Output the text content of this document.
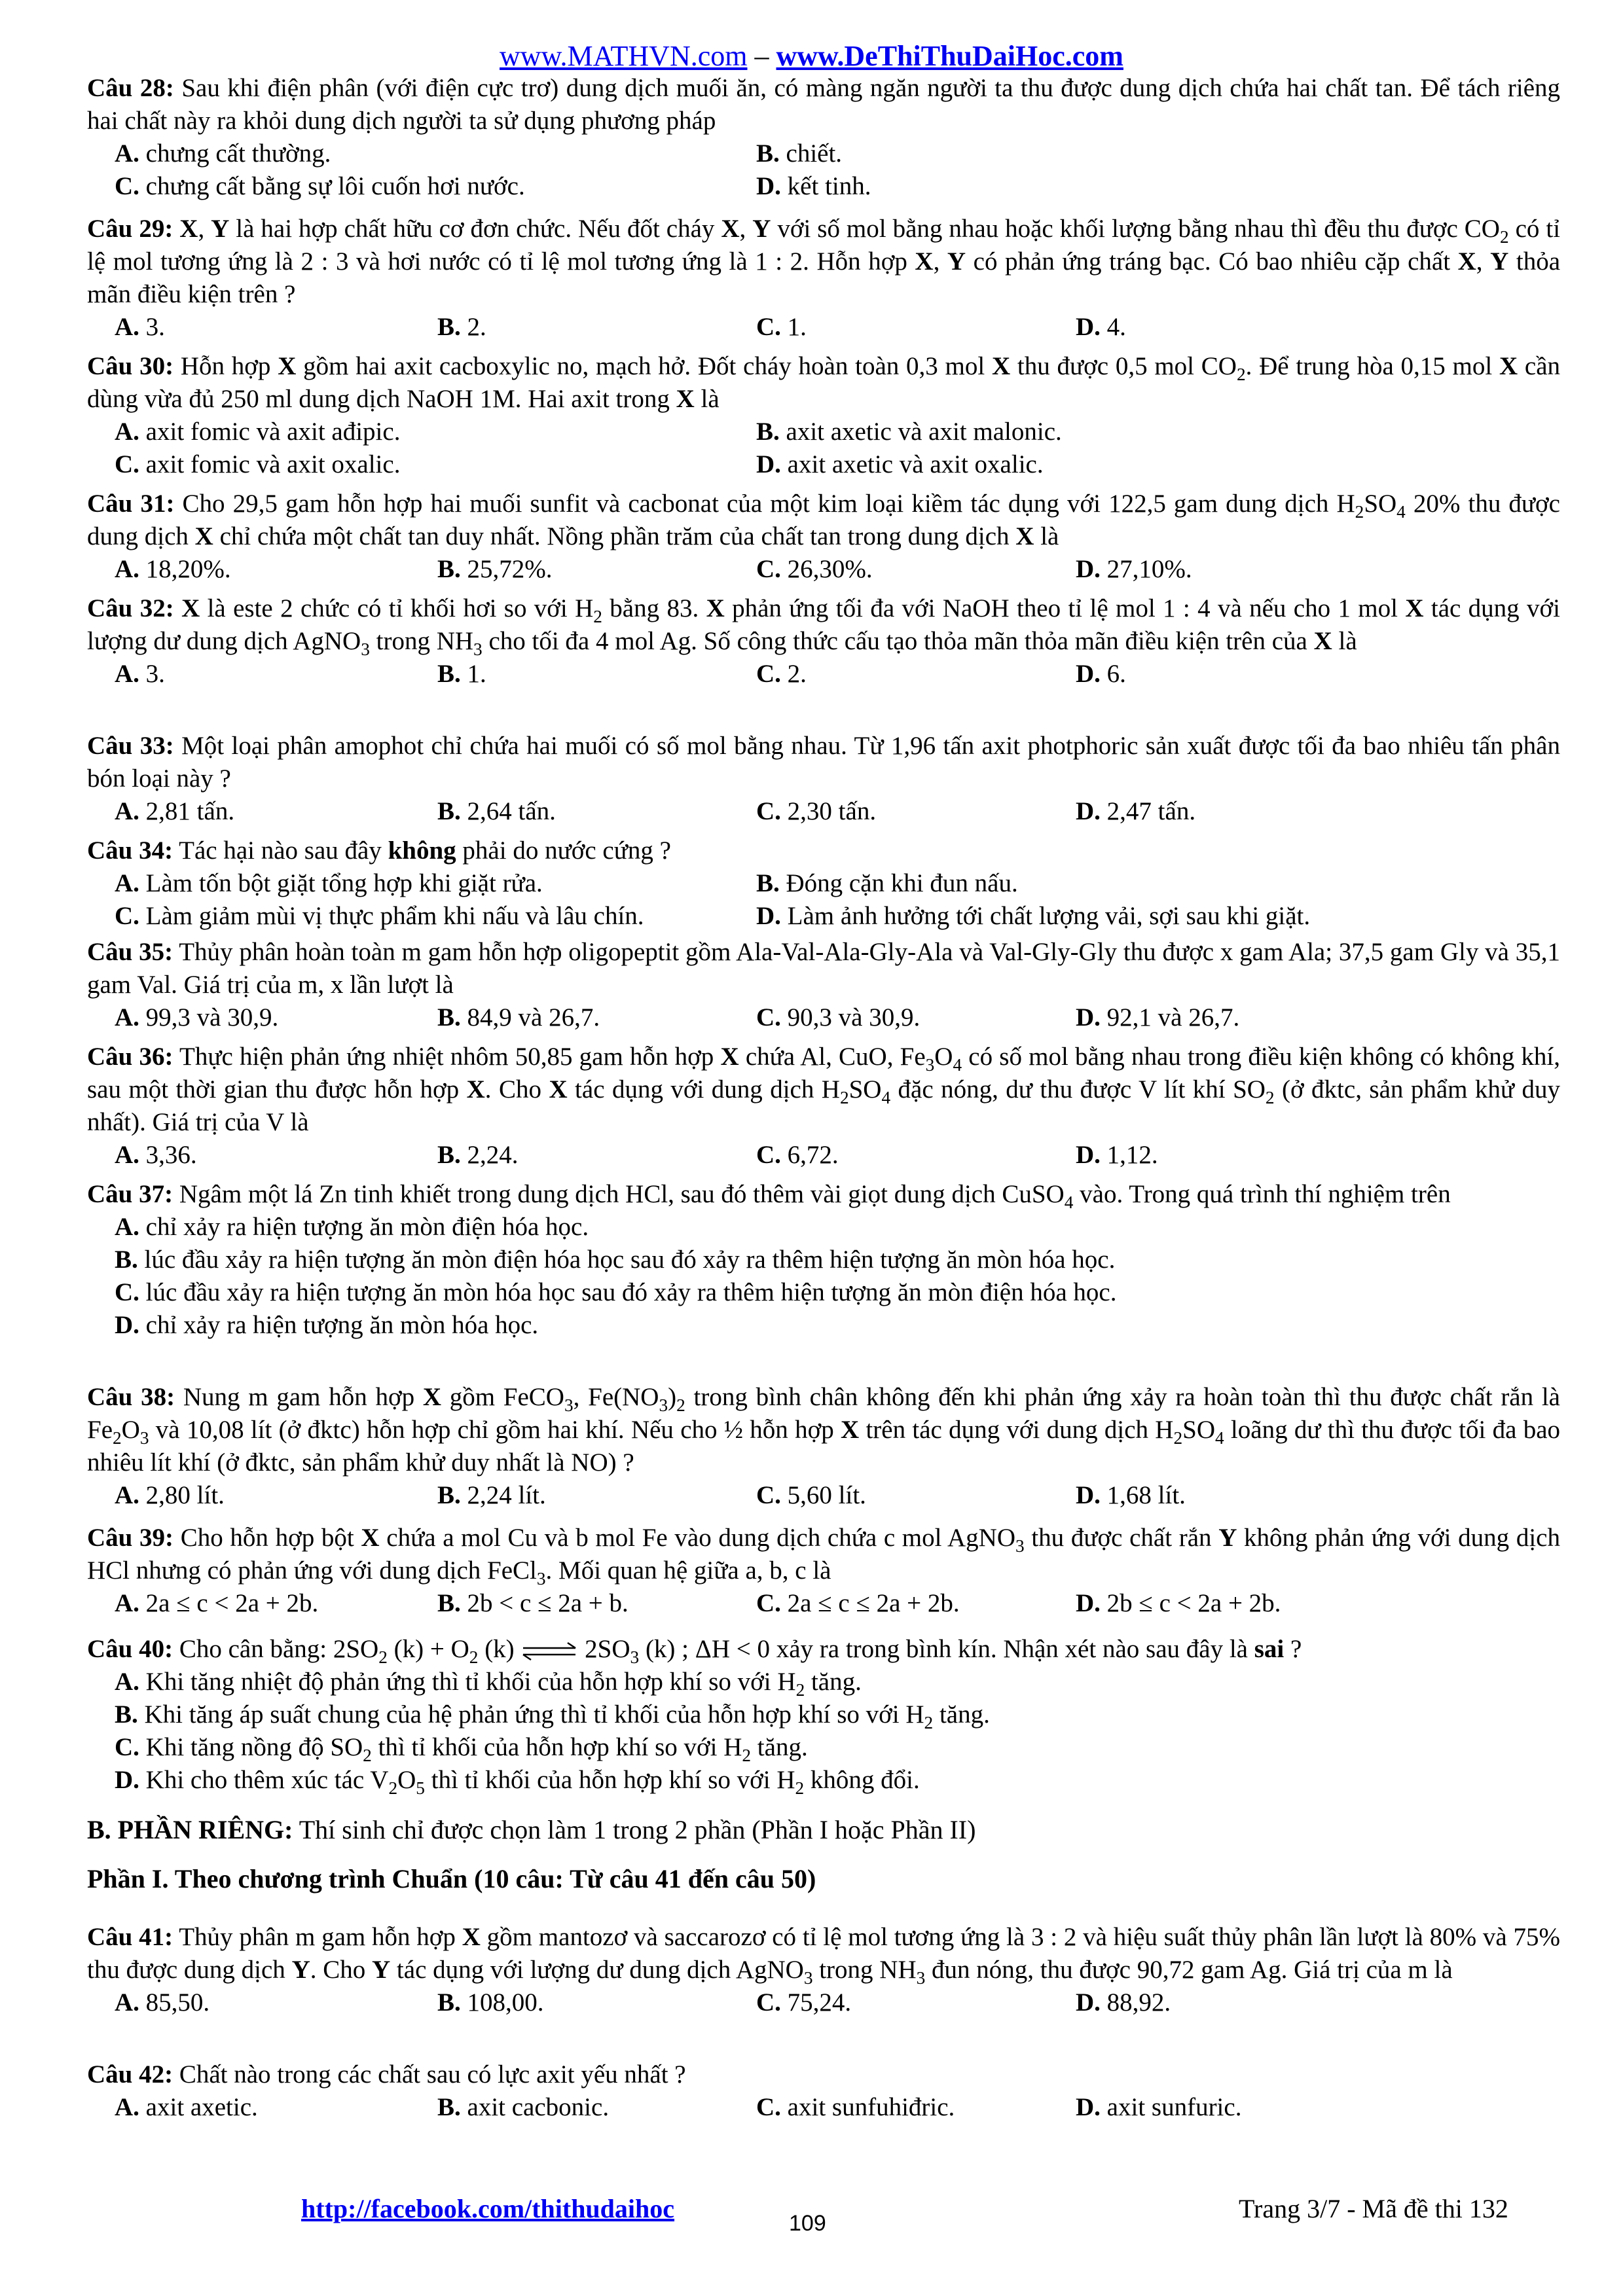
www.MATHVN.com – www.DeThiThuDaiHoc.com

Câu 28: Sau khi điện phân (với điện cực trơ) dung dịch muối ăn, có màng ngăn người ta thu được dung dịch chứa hai chất tan. Để tách riêng hai chất này ra khỏi dung dịch người ta sử dụng phương pháp

A. chưng cất thường.	B. chiết.
C. chưng cất bằng sự lôi cuốn hơi nước.	D. kết tinh.

Câu 29: X, Y là hai hợp chất hữu cơ đơn chức. Nếu đốt cháy X, Y với số mol bằng nhau hoặc khối lượng bằng nhau thì đều thu được $CO_2$ có tỉ lệ mol tương ứng là 2 : 3 và hơi nước có tỉ lệ mol tương ứng là 1 : 2. Hỗn hợp X, Y có phản ứng tráng bạc. Có bao nhiêu cặp chất X, Y thỏa mãn điều kiện trên ?

A. 3.	B. 2.	C. 1.	D. 4.

Câu 30: Hỗn hợp X gồm hai axit cacboxylic no, mạch hở. Đốt cháy hoàn toàn 0,3 mol X thu được 0,5 mol $CO_2$. Để trung hòa 0,15 mol X cần dùng vừa đủ 250 ml dung dịch NaOH 1M. Hai axit trong X là

A. axit fomic và axit ađipic.	B. axit axetic và axit malonic.
C. axit fomic và axit oxalic.	D. axit axetic và axit oxalic.

Câu 31: Cho 29,5 gam hỗn hợp hai muối sunfit và cacbonat của một kim loại kiềm tác dụng với 122,5 gam dung dịch $H_2SO_4$ 20% thu được dung dịch X chỉ chứa một chất tan duy nhất. Nồng phần trăm của chất tan trong dung dịch X là

A. 18,20%.	B. 25,72%.	C. 26,30%.	D. 27,10%.

Câu 32: X là este 2 chức có tỉ khối hơi so với $H_2$ bằng 83. X phản ứng tối đa với NaOH theo tỉ lệ mol 1 : 4 và nếu cho 1 mol X tác dụng với lượng dư dung dịch AgNO$_3$ trong $NH_3$ cho tối đa 4 mol Ag. Số công thức cấu tạo thỏa mãn thỏa mãn điều kiện trên của X là

A. 3.	B. 1.	C. 2.	D. 6.

Câu 33: Một loại phân amophot chỉ chứa hai muối có số mol bằng nhau. Từ 1,96 tấn axit photphoric sản xuất được tối đa bao nhiêu tấn phân bón loại này ?

A. 2,81 tấn.	B. 2,64 tấn.	C. 2,30 tấn.	D. 2,47 tấn.

Câu 34: Tác hại nào sau đây không phải do nước cứng ?

A. Làm tốn bột giặt tổng hợp khi giặt rửa.	B. Đóng cặn khi đun nấu.
C. Làm giảm mùi vị thực phẩm khi nấu và lâu chín.	D. Làm ảnh hưởng tới chất lượng vải, sợi sau khi giặt.

Câu 35: Thủy phân hoàn toàn m gam hỗn hợp oligopeptit gồm Ala-Val-Ala-Gly-Ala và Val-Gly-Gly thu được x gam Ala; 37,5 gam Gly và 35,1 gam Val. Giá trị của m, x lần lượt là

A. 99,3 và 30,9.	B. 84,9 và 26,7.	C. 90,3 và 30,9.	D. 92,1 và 26,7.

Câu 36: Thực hiện phản ứng nhiệt nhôm 50,85 gam hỗn hợp X chứa Al, CuO, $Fe_3O_4$ có số mol bằng nhau trong điều kiện không có không khí, sau một thời gian thu được hỗn hợp X. Cho X tác dụng với dung dịch $H_2SO_4$ đặc nóng, dư thu được V lít khí $SO_2$ (ở đktc, sản phẩm khử duy nhất). Giá trị của V là

A. 3,36.	B. 2,24.	C. 6,72.	D. 1,12.

Câu 37: Ngâm một lá Zn tinh khiết trong dung dịch HCl, sau đó thêm vài giọt dung dịch CuSO$_4$ vào. Trong quá trình thí nghiệm trên

A. chỉ xảy ra hiện tượng ăn mòn điện hóa học.
B. lúc đầu xảy ra hiện tượng ăn mòn điện hóa học sau đó xảy ra thêm hiện tượng ăn mòn hóa học.
C. lúc đầu xảy ra hiện tượng ăn mòn hóa học sau đó xảy ra thêm hiện tượng ăn mòn điện hóa học.
D. chỉ xảy ra hiện tượng ăn mòn hóa học.

Câu 38: Nung m gam hỗn hợp X gồm FeCO$_3$, $Fe(NO_3)_2$ trong bình chân không đến khi phản ứng xảy ra hoàn toàn thì thu được chất rắn là $Fe_2O_3$ và 10,08 lít (ở đktc) hỗn hợp chỉ gồm hai khí. Nếu cho ½ hỗn hợp X trên tác dụng với dung dịch $H_2SO_4$ loãng dư thì thu được tối đa bao nhiêu lít khí (ở đktc, sản phẩm khử duy nhất là NO) ?

A. 2,80 lít.	B. 2,24 lít.	C. 5,60 lít.	D. 1,68 lít.

Câu 39: Cho hỗn hợp bột X chứa a mol Cu và b mol Fe vào dung dịch chứa c mol AgNO$_3$ thu được chất rắn Y không phản ứng với dung dịch HCl nhưng có phản ứng với dung dịch FeCl$_3$. Mối quan hệ giữa a, b, c là

A. 2a ≤ c < 2a + 2b.	B. 2b < c ≤ 2a + b.	C. 2a ≤ c ≤ 2a + 2b.	D. 2b ≤ c < 2a + 2b.

Câu 40: Cho cân bằng: $2SO_2$ $(k) + O_2$ (k) ⇌ $2SO_3$ (k) ; ΔH < 0 xảy ra trong bình kín. Nhận xét nào sau đây là sai ?

A. Khi tăng nhiệt độ phản ứng thì tỉ khối của hỗn hợp khí so với $H_2$ tăng.
B. Khi tăng áp suất chung của hệ phản ứng thì tỉ khối của hỗn hợp khí so với $H_2$ tăng.
C. Khi tăng nồng độ $SO_2$ thì tỉ khối của hỗn hợp khí so với $H_2$ tăng.
D. Khi cho thêm xúc tác $V_2O_5$ thì tỉ khối của hỗn hợp khí so với $H_2$ không đổi.
B. PHẦN RIÊNG: Thí sinh chỉ được chọn làm 1 trong 2 phần (Phần I hoặc Phần II)
Phần I. Theo chương trình Chuẩn (10 câu: Từ câu 41 đến câu 50)

Câu 41: Thủy phân m gam hỗn hợp X gồm mantozơ và saccarozơ có tỉ lệ mol tương ứng là 3 : 2 và hiệu suất thủy phân lần lượt là 80% và 75% thu được dung dịch Y. Cho Y tác dụng với lượng dư dung dịch AgNO$_3$ trong $NH_3$ đun nóng, thu được 90,72 gam Ag. Giá trị của m là

A. 85,50.	B. 108,00.	C. 75,24.	D. 88,92.

Câu 42: Chất nào trong các chất sau có lực axit yếu nhất ?

A. axit axetic.	B. axit cacbonic.	C. axit sunfuhiđric.	D. axit sunfuric.
http://facebook.com/thithudaihoc	109	Trang 3/7 - Mã đề thi 132
